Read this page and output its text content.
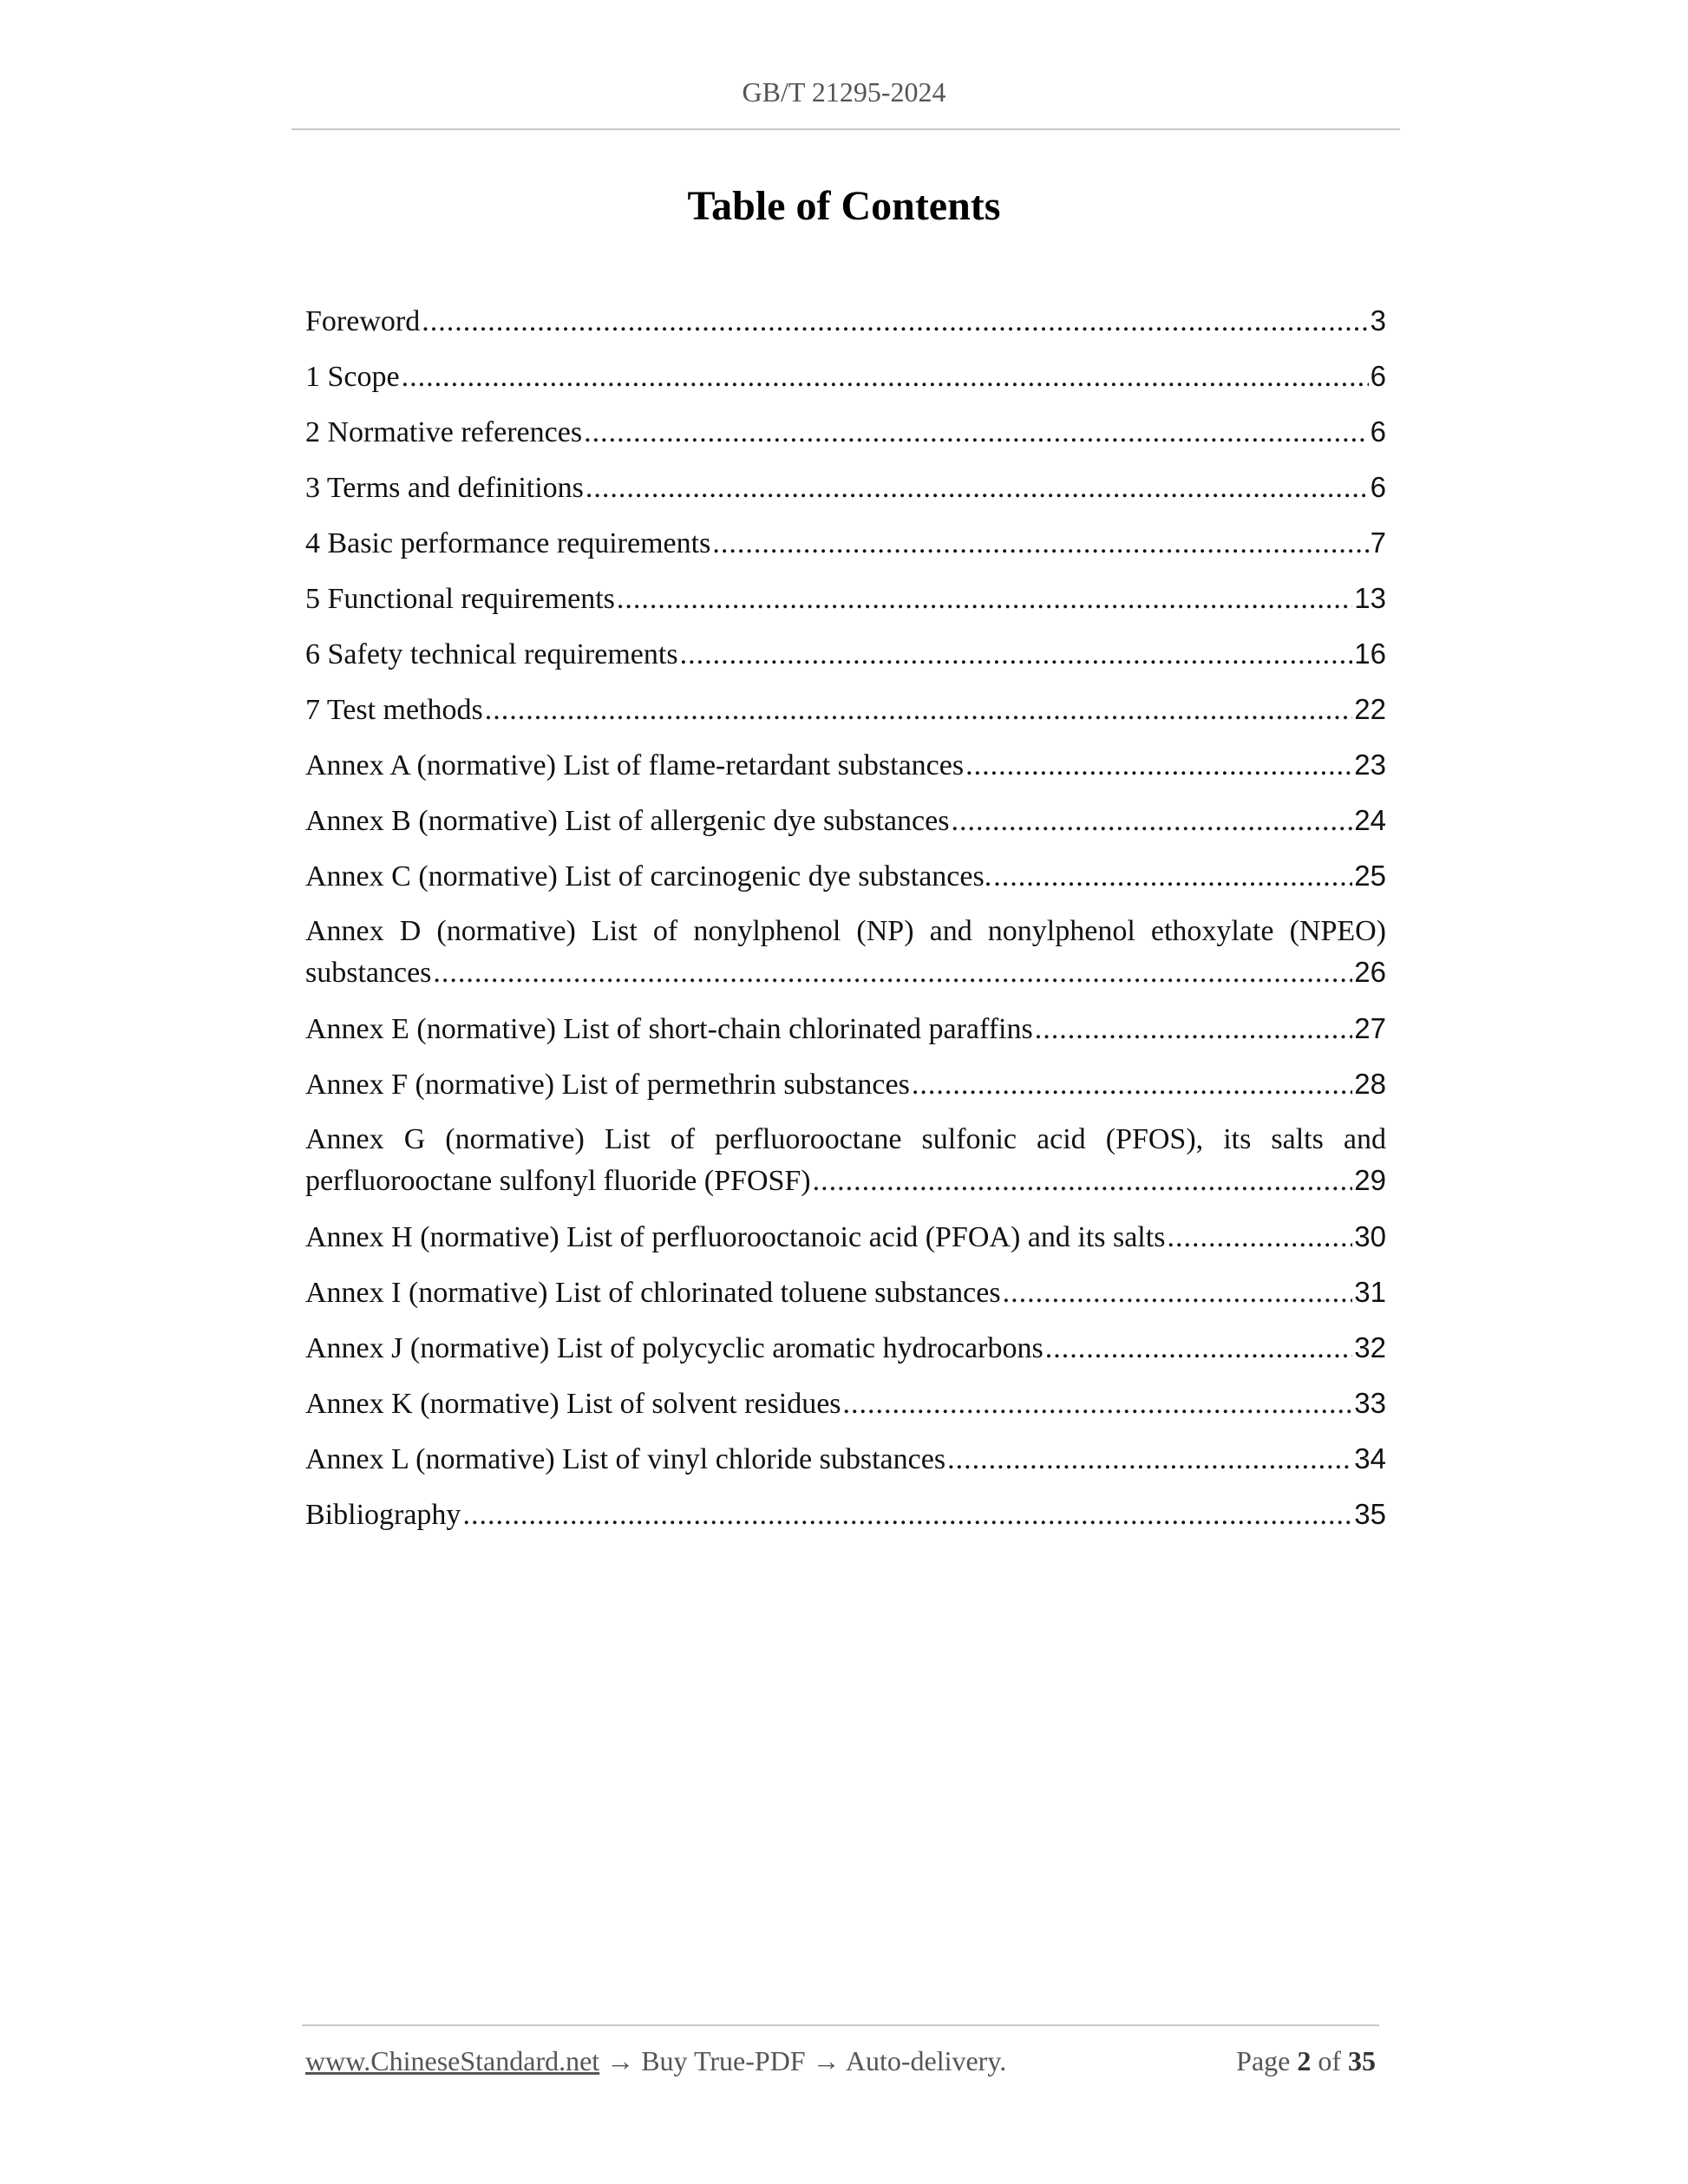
GB/T 21295-2024
Table of Contents
Foreword .....	3
1 Scope .....	6
2 Normative references .....	6
3 Terms and definitions .....	6
4 Basic performance requirements .....	7
5 Functional requirements .....	13
6 Safety technical requirements .....	16
7 Test methods .....	22
Annex A (normative) List of flame-retardant substances .....	23
Annex B (normative) List of allergenic dye substances .....	24
Annex C (normative) List of carcinogenic dye substances. .....	25
Annex D (normative) List of nonylphenol (NP) and nonylphenol ethoxylate (NPEO)
substances .....	26
Annex E (normative) List of short-chain chlorinated paraffins .....	27
Annex F (normative) List of permethrin substances .....	28
Annex G (normative) List of perfluorooctane sulfonic acid (PFOS), its salts and
perfluorooctane sulfonyl fluoride (PFOSF) .....	29
Annex H (normative) List of perfluorooctanoic acid (PFOA) and its salts .....	30
Annex I (normative) List of chlorinated toluene substances .....	31
Annex J (normative) List of polycyclic aromatic hydrocarbons .....	32
Annex K (normative) List of solvent residues .....	33
Annex L (normative) List of vinyl chloride substances .....	34
Bibliography .....	35
www.ChineseStandard.net → Buy True-PDF → Auto-delivery.	Page 2 of 35
